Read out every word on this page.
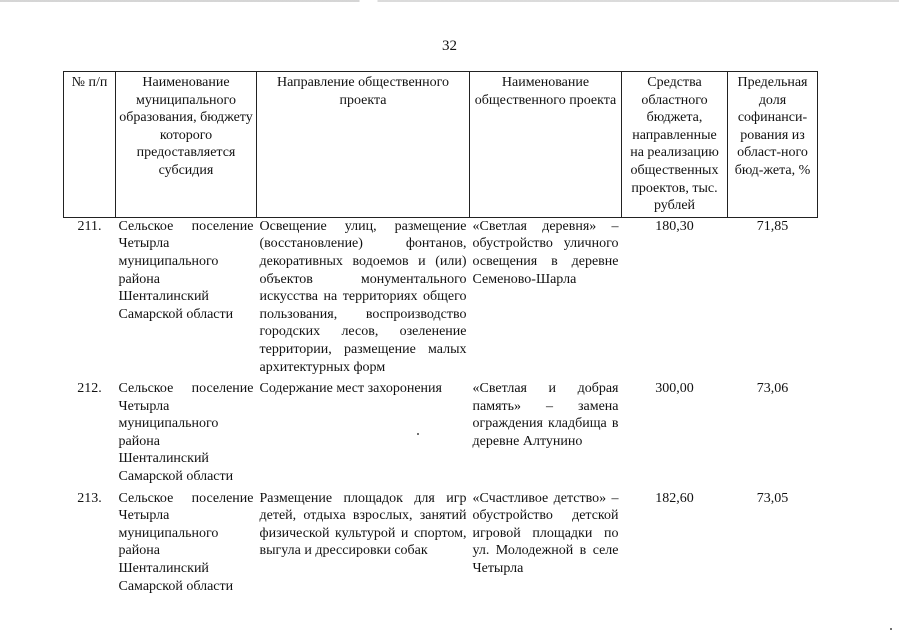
32
№ п/п	Наименование муниципального образования, бюджету которого предоставляется субсидия	Направление общественного проекта	Наименование общественного проекта	Средства областного бюджета, направленные на реализацию общественных проектов, тыс. рублей	Предельная доля софинанси-рования из област-ного бюд-жета, %
211.	Сельское поселение Четырла муниципального района Шенталинский Самарской области	Освещение улиц, размещение (восстановление) фонтанов, декоративных водоемов и (или) объектов монументального искусства на территориях общего пользования, воспроизводство городских лесов, озеленение территории, размещение малых архитектурных форм	«Светлая деревня» – обустройство уличного освещения в деревне Семеново-Шарла	180,30	71,85
212.	Сельское поселение Четырла муниципального района Шенталинский Самарской области	Содержание мест захоронения	«Светлая и добрая память» – замена ограждения кладбища в деревне Алтунино	300,00	73,06
213.	Сельское поселение Четырла муниципального района Шенталинский Самарской области	Размещение площадок для игр детей, отдыха взрослых, занятий физической культурой и спортом, выгула и дрессировки собак	«Счастливое детство» – обустройство детской игровой площадки по ул. Молодежной в селе Четырла	182,60	73,05
